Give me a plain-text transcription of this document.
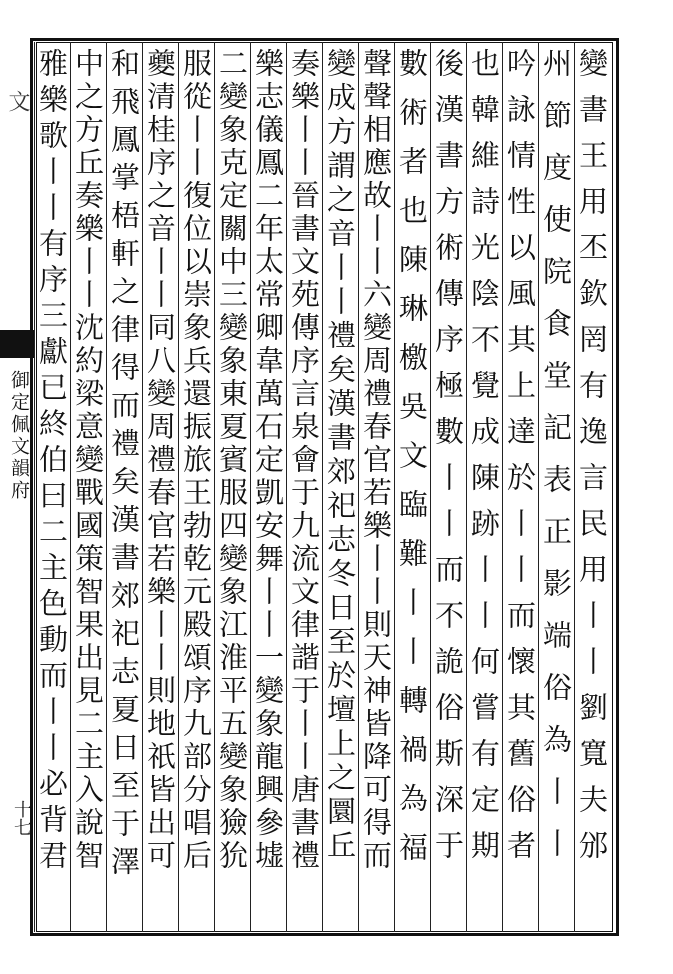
文
御定佩文韻府
十七	變書王用丕欽罔有逸言民用丨丨劉寬夫邠
州節度使院食堂記表正影端俗為丨丨
吟詠情性以風其上達於丨丨而懷其舊俗者
也韓維詩光陰不覺成陳跡丨丨何嘗有定期
後漢書方術傳序極數丨丨而不詭俗斯深于
數術者也陳琳檄吳文臨難丨丨轉禍為福
聲聲相應故丨丨六變周禮春官若樂丨丨則天神皆降可得而
變成方謂之音丨丨禮矣漢書郊祀志冬日至於壇上之圜丘
奏樂丨丨晉書文苑傳序言泉會于九流文律諧于丨丨唐書禮
樂志儀鳳二年太常卿韋萬石定凱安舞丨丨一變象龍興參墟
二變象克定關中三變象東夏賓服四變象江淮平五變象獫狁
服從丨丨復位以崇象兵還振旅王勃乾元殿頌序九部分唱后
夔清桂序之音丨丨同八變周禮春官若樂丨丨則地祇皆出可
和飛鳳掌梧軒之律得而禮矣漢書郊祀志夏日至于澤
中之方丘奏樂丨丨沈約梁意變戰國策智果出見二主入說智
雅樂歌丨丨有序三獻已終伯曰二主色動而丨丨必背君
